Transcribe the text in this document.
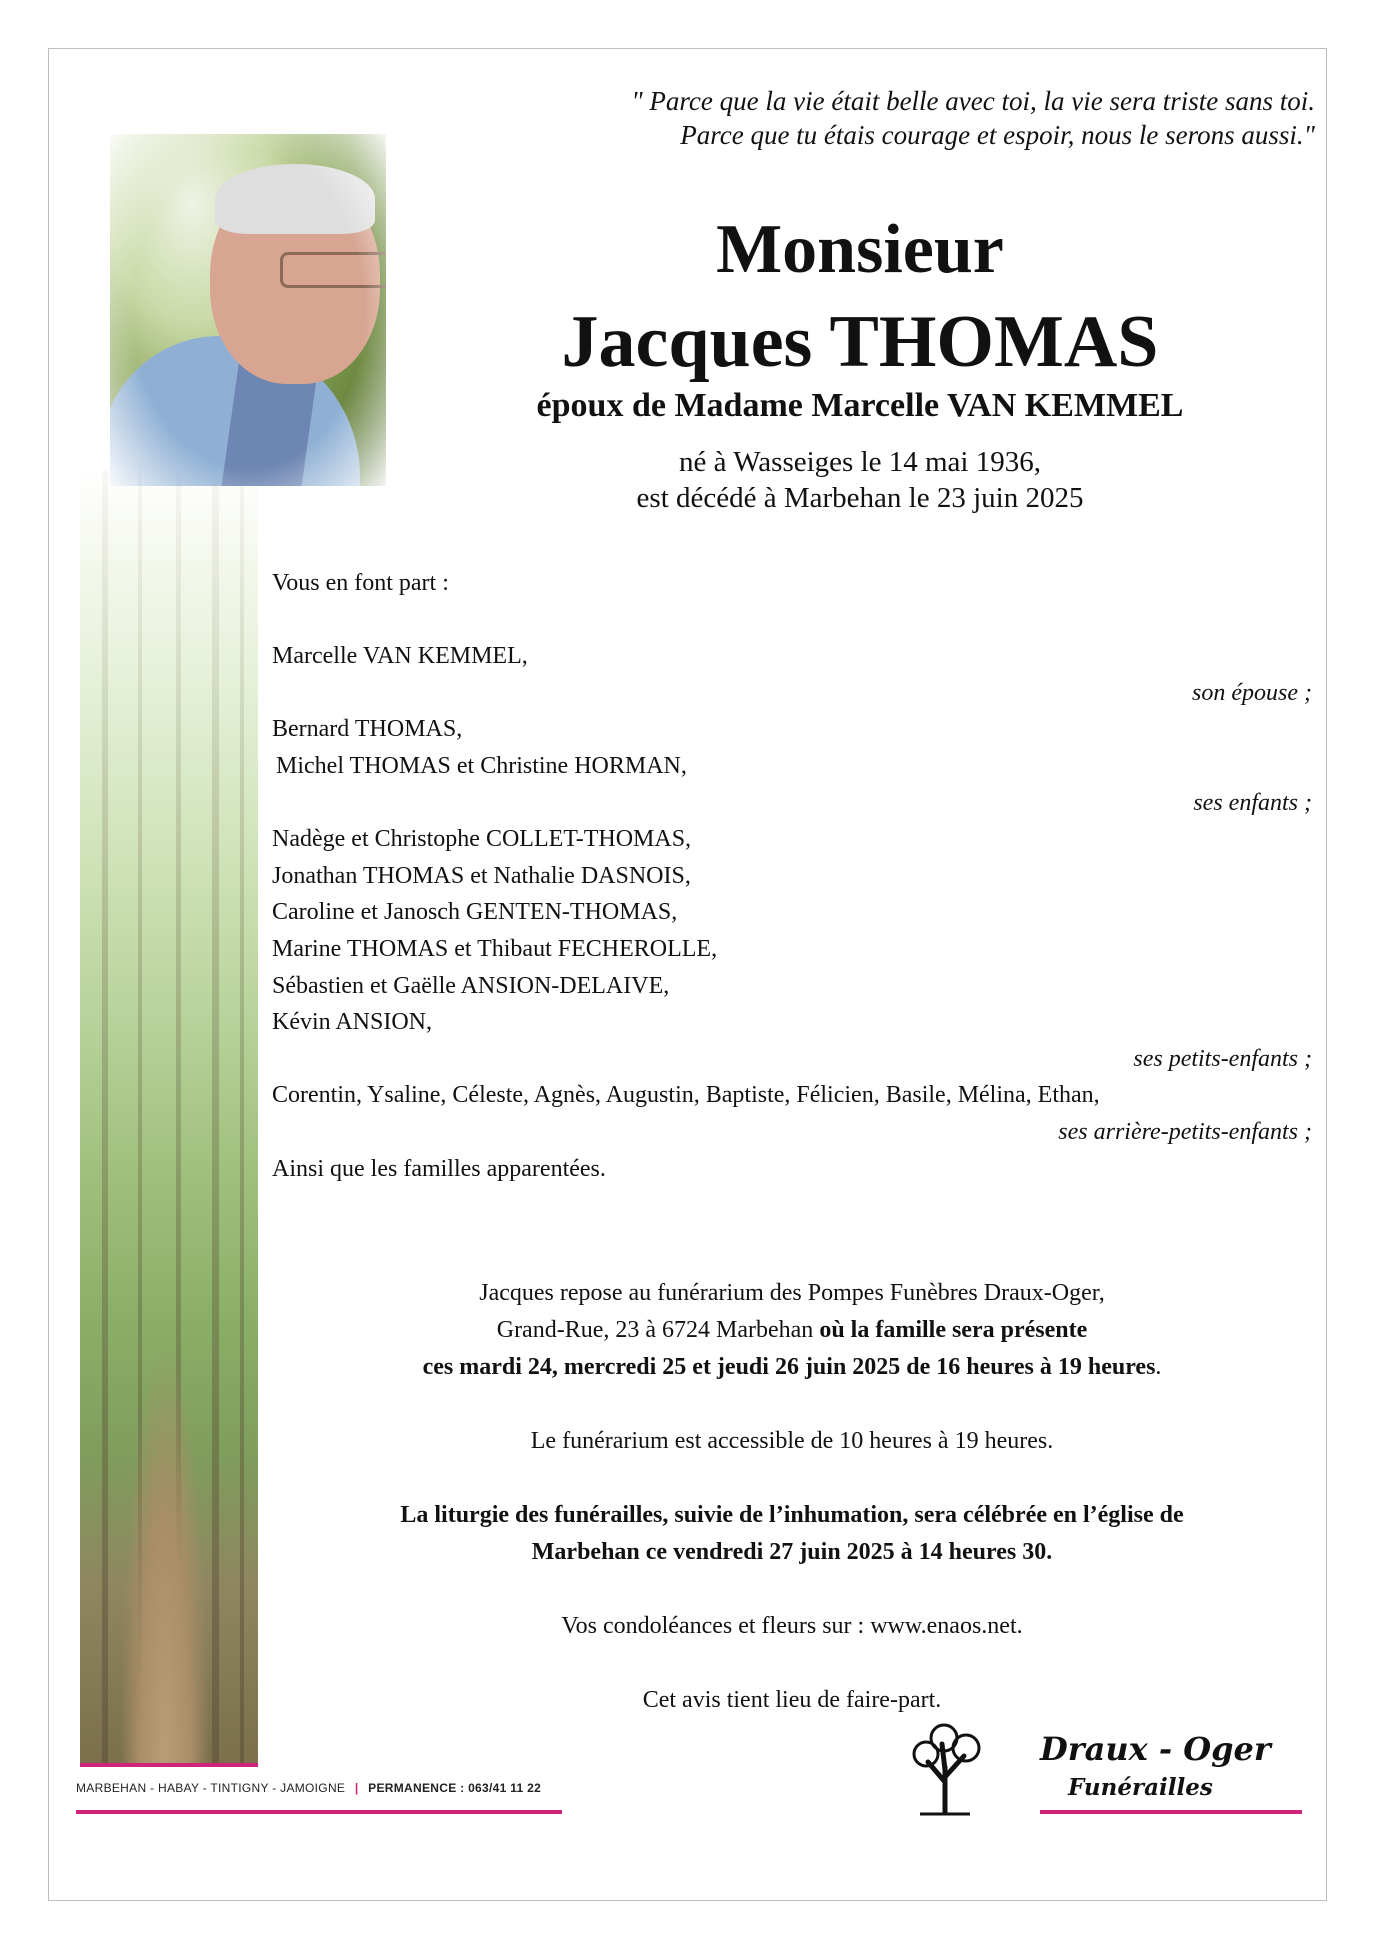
" Parce que la vie était belle avec toi, la vie sera triste sans toi.
Parce que tu étais courage et espoir, nous le serons aussi."
Monsieur
Jacques THOMAS
époux de Madame Marcelle VAN KEMMEL
né à Wasseiges le 14 mai 1936,
est décédé à Marbehan le 23 juin 2025
Vous en font part :
Marcelle VAN KEMMEL,
son épouse ;
Bernard THOMAS,
Michel THOMAS et Christine HORMAN,
ses enfants ;
Nadège et Christophe COLLET-THOMAS,
Jonathan THOMAS et Nathalie DASNOIS,
Caroline et Janosch GENTEN-THOMAS,
Marine THOMAS et Thibaut FECHEROLLE,
Sébastien et Gaëlle ANSION-DELAIVE,
Kévin ANSION,
ses petits-enfants ;
Corentin, Ysaline, Céleste, Agnès, Augustin, Baptiste, Félicien, Basile, Mélina, Ethan,
ses arrière-petits-enfants ;
Ainsi que les familles apparentées.
Jacques repose au funérarium des Pompes Funèbres Draux-Oger,
Grand-Rue, 23 à 6724 Marbehan où la famille sera présente
ces mardi 24, mercredi 25 et jeudi 26 juin 2025 de 16 heures à 19 heures.
Le funérarium est accessible de 10 heures à 19 heures.
La liturgie des funérailles, suivie de l’inhumation, sera célébrée en l’église de
Marbehan ce vendredi 27 juin 2025 à 14 heures 30.
Vos condoléances et fleurs sur : www.enaos.net.
Cet avis tient lieu de faire-part.
MARBEHAN - HABAY - TINTIGNY - JAMOIGNE | PERMANENCE : 063/41 11 22
Draux - Oger
Funérailles
